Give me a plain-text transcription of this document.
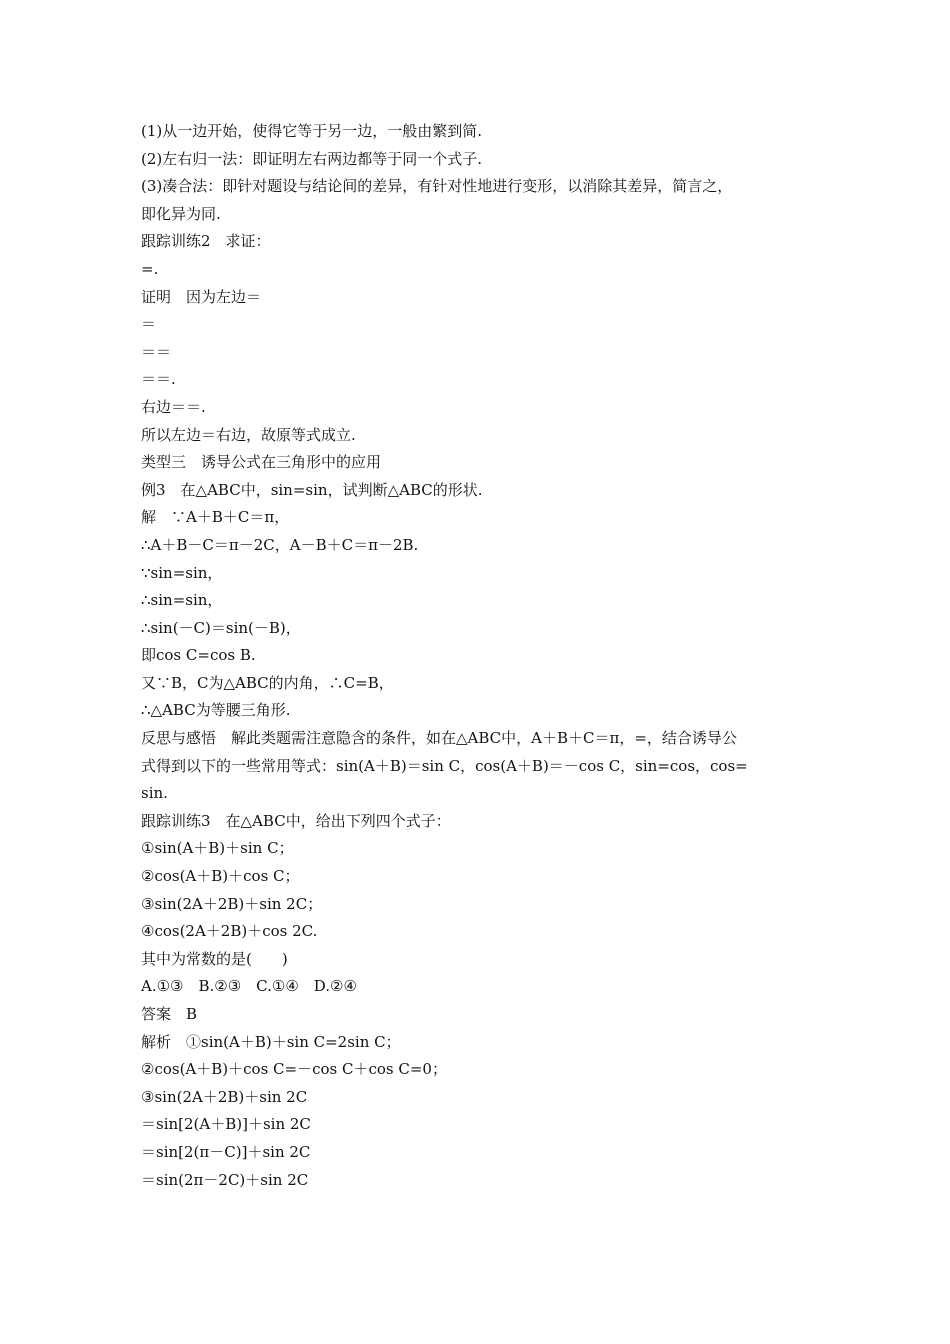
(1)从一边开始，使得它等于另一边，一般由繁到简.
(2)左右归一法：即证明左右两边都等于同一个式子.
(3)凑合法：即针对题设与结论间的差异，有针对性地进行变形，以消除其差异，简言之，
即化异为同.
跟踪训练2　求证：
=.
证明　因为左边＝
＝
＝＝
＝＝.
右边＝＝.
所以左边＝右边，故原等式成立.
类型三　诱导公式在三角形中的应用
例3　在△ABC中，sin=sin，试判断△ABC的形状.
解　∵A＋B＋C＝π，
∴A＋B－C＝π－2C，A－B＋C＝π－2B.
∵sin=sin，
∴sin=sin，
∴sin(－C)＝sin(－B)，
即cos C=cos B.
又∵B，C为△ABC的内角，∴C=B，
∴△ABC为等腰三角形.
反思与感悟　解此类题需注意隐含的条件，如在△ABC中，A＋B＋C＝π，=，结合诱导公
式得到以下的一些常用等式：sin(A＋B)＝sin C，cos(A＋B)＝－cos C，sin=cos，cos=
sin.
跟踪训练3　在△ABC中，给出下列四个式子：
①sin(A＋B)＋sin C；
②cos(A＋B)＋cos C；
③sin(2A＋2B)＋sin 2C；
④cos(2A＋2B)＋cos 2C.
其中为常数的是(　　)
A.①③　B.②③　C.①④　D.②④
答案　B
解析　①sin(A＋B)＋sin C=2sin C；
②cos(A＋B)＋cos C=－cos C＋cos C=0；
③sin(2A＋2B)＋sin 2C
＝sin[2(A＋B)]＋sin 2C
＝sin[2(π－C)]＋sin 2C
＝sin(2π－2C)＋sin 2C
